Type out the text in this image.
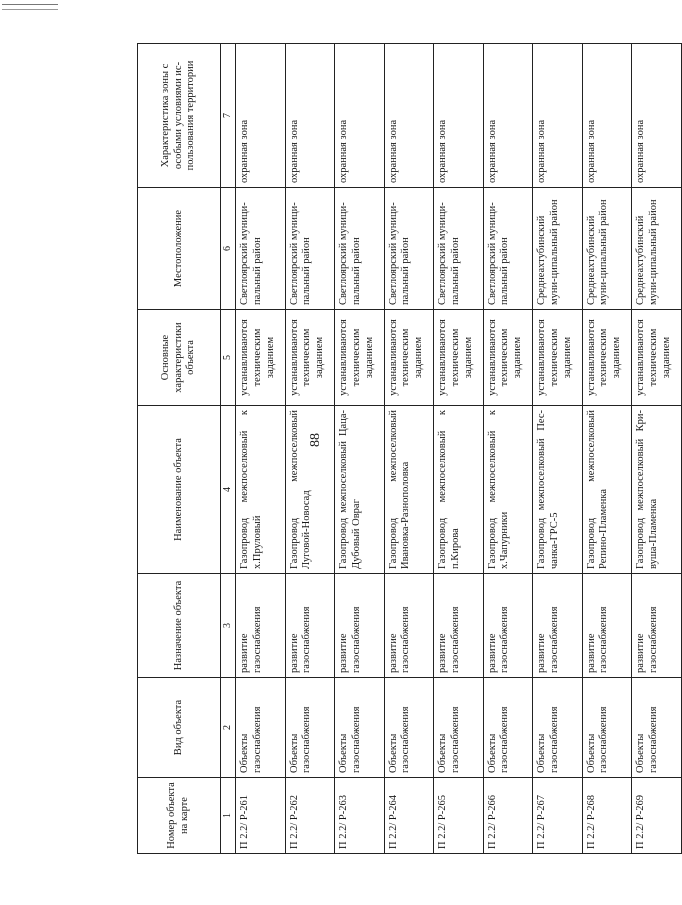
88
Номер объекта на карте	Вид объекта	Назначение объекта	Наименование объекта	Основные характеристики объекта	Местоположение	Характеристика зоны с особыми условиями ис-пользования территории
1	2	3	4	5	6	7
П 2.2/ Р-261	Объекты газоснабжения	развитие газоснабжения	Газопровод межпоселковый к х.Пруловый	устанавливаются техническим заданием	Светлоярский муници-пальный район	охранная зона
П 2.2/ Р-262	Объекты газоснабжения	развитие газоснабжения	Газопровод межпоселковый Луговой-Новосад	устанавливаются техническим заданием	Светлоярский муници-пальный район	охранная зона
П 2.2/ Р-263	Объекты газоснабжения	развитие газоснабжения	Газопровод межпоселковый Цаца-Дубовый Овраг	устанавливаются техническим заданием	Светлоярский муници-пальный район	охранная зона
П 2.2/ Р-264	Объекты газоснабжения	развитие газоснабжения	Газопровод межпоселковый Ивановка-Разнополовка	устанавливаются техническим заданием	Светлоярский муници-пальный район	охранная зона
П 2.2/ Р-265	Объекты газоснабжения	развитие газоснабжения	Газопровод межпоселковый к п.Кирова	устанавливаются техническим заданием	Светлоярский муници-пальный район	охранная зона
П 2.2/ Р-266	Объекты газоснабжения	развитие газоснабжения	Газопровод межпоселковый к х.Чапурники	устанавливаются техническим заданием	Светлоярский муници-пальный район	охранная зона
П 2.2/ Р-267	Объекты газоснабжения	развитие газоснабжения	Газопровод межпоселковый Пес-чанка-ГРС-5	устанавливаются техническим заданием	Среднеахтубинский муни-ципальный район	охранная зона
П 2.2/ Р-268	Объекты газоснабжения	развитие газоснабжения	Газопровод межпоселковый Репино-Пламенка	устанавливаются техническим заданием	Среднеахтубинский муни-ципальный район	охранная зона
П 2.2/ Р-269	Объекты газоснабжения	развитие газоснабжения	Газопровод межпоселковый Кри-вуша-Пламенка	устанавливаются техническим заданием	Среднеахтубинский муни-ципальный район	охранная зона
